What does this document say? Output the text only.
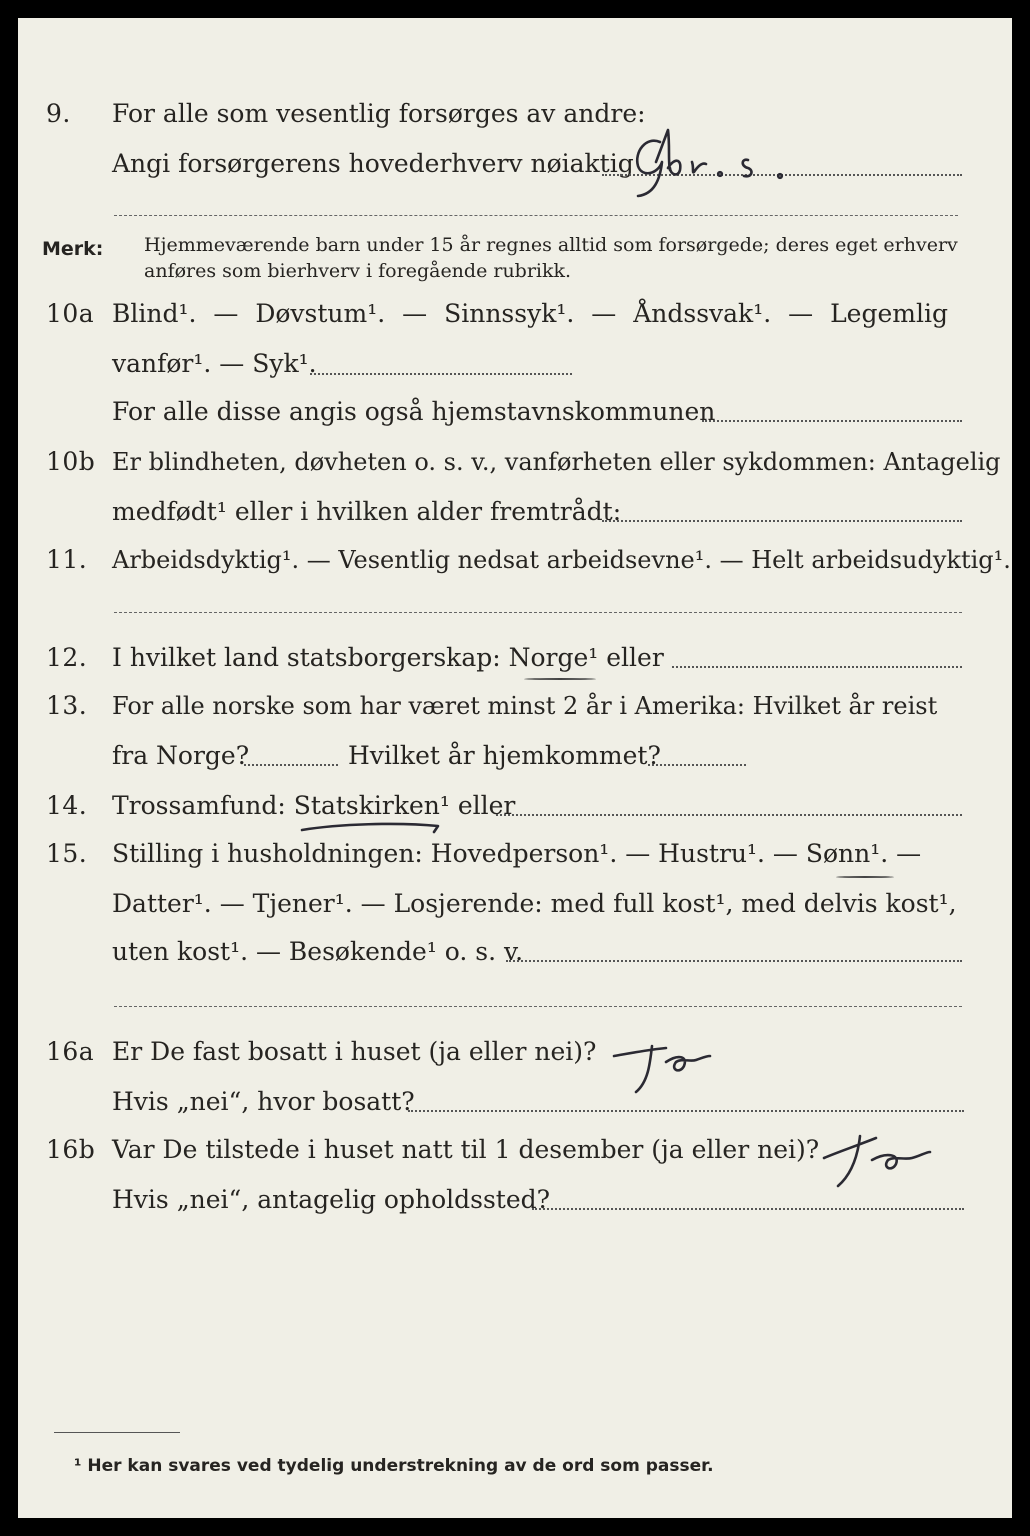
9. For alle som vesentlig forsørges av andre:
Angi forsørgerens hovederhverv nøiaktig
Merk: Hjemmeværende barn under 15 år regnes alltid som forsørgede; deres eget erhverv anføres som bierhverv i foregående rubrikk.
10a Blind¹. — Døvstum¹. — Sinnssyk¹. — Åndssvak¹. — Legemlig
vanfør¹. — Syk¹.
For alle disse angis også hjemstavnskommunen
10b Er blindheten, døvheten o. s. v., vanførheten eller sykdommen: Antagelig
medfødt¹ eller i hvilken alder fremtrådt:
11. Arbeidsdyktig¹. — Vesentlig nedsat arbeidsevne¹. — Helt arbeidsudyktig¹.
12. I hvilket land statsborgerskap: Norge¹ eller
13. For alle norske som har været minst 2 år i Amerika: Hvilket år reist
fra Norge?	Hvilket år hjemkommet?
14. Trossamfund: Statskirken¹ eller
15. Stilling i husholdningen: Hovedperson¹. — Hustru¹. — Sønn¹. —
Datter¹. — Tjener¹. — Losjerende: med full kost¹, med delvis kost¹,
uten kost¹. — Besøkende¹ o. s. v.
16a Er De fast bosatt i huset (ja eller nei)?
Hvis „nei“, hvor bosatt?
16b Var De tilstede i huset natt til 1 desember (ja eller nei)?
Hvis „nei“, antagelig opholdssted?
¹ Her kan svares ved tydelig understrekning av de ord som passer.
